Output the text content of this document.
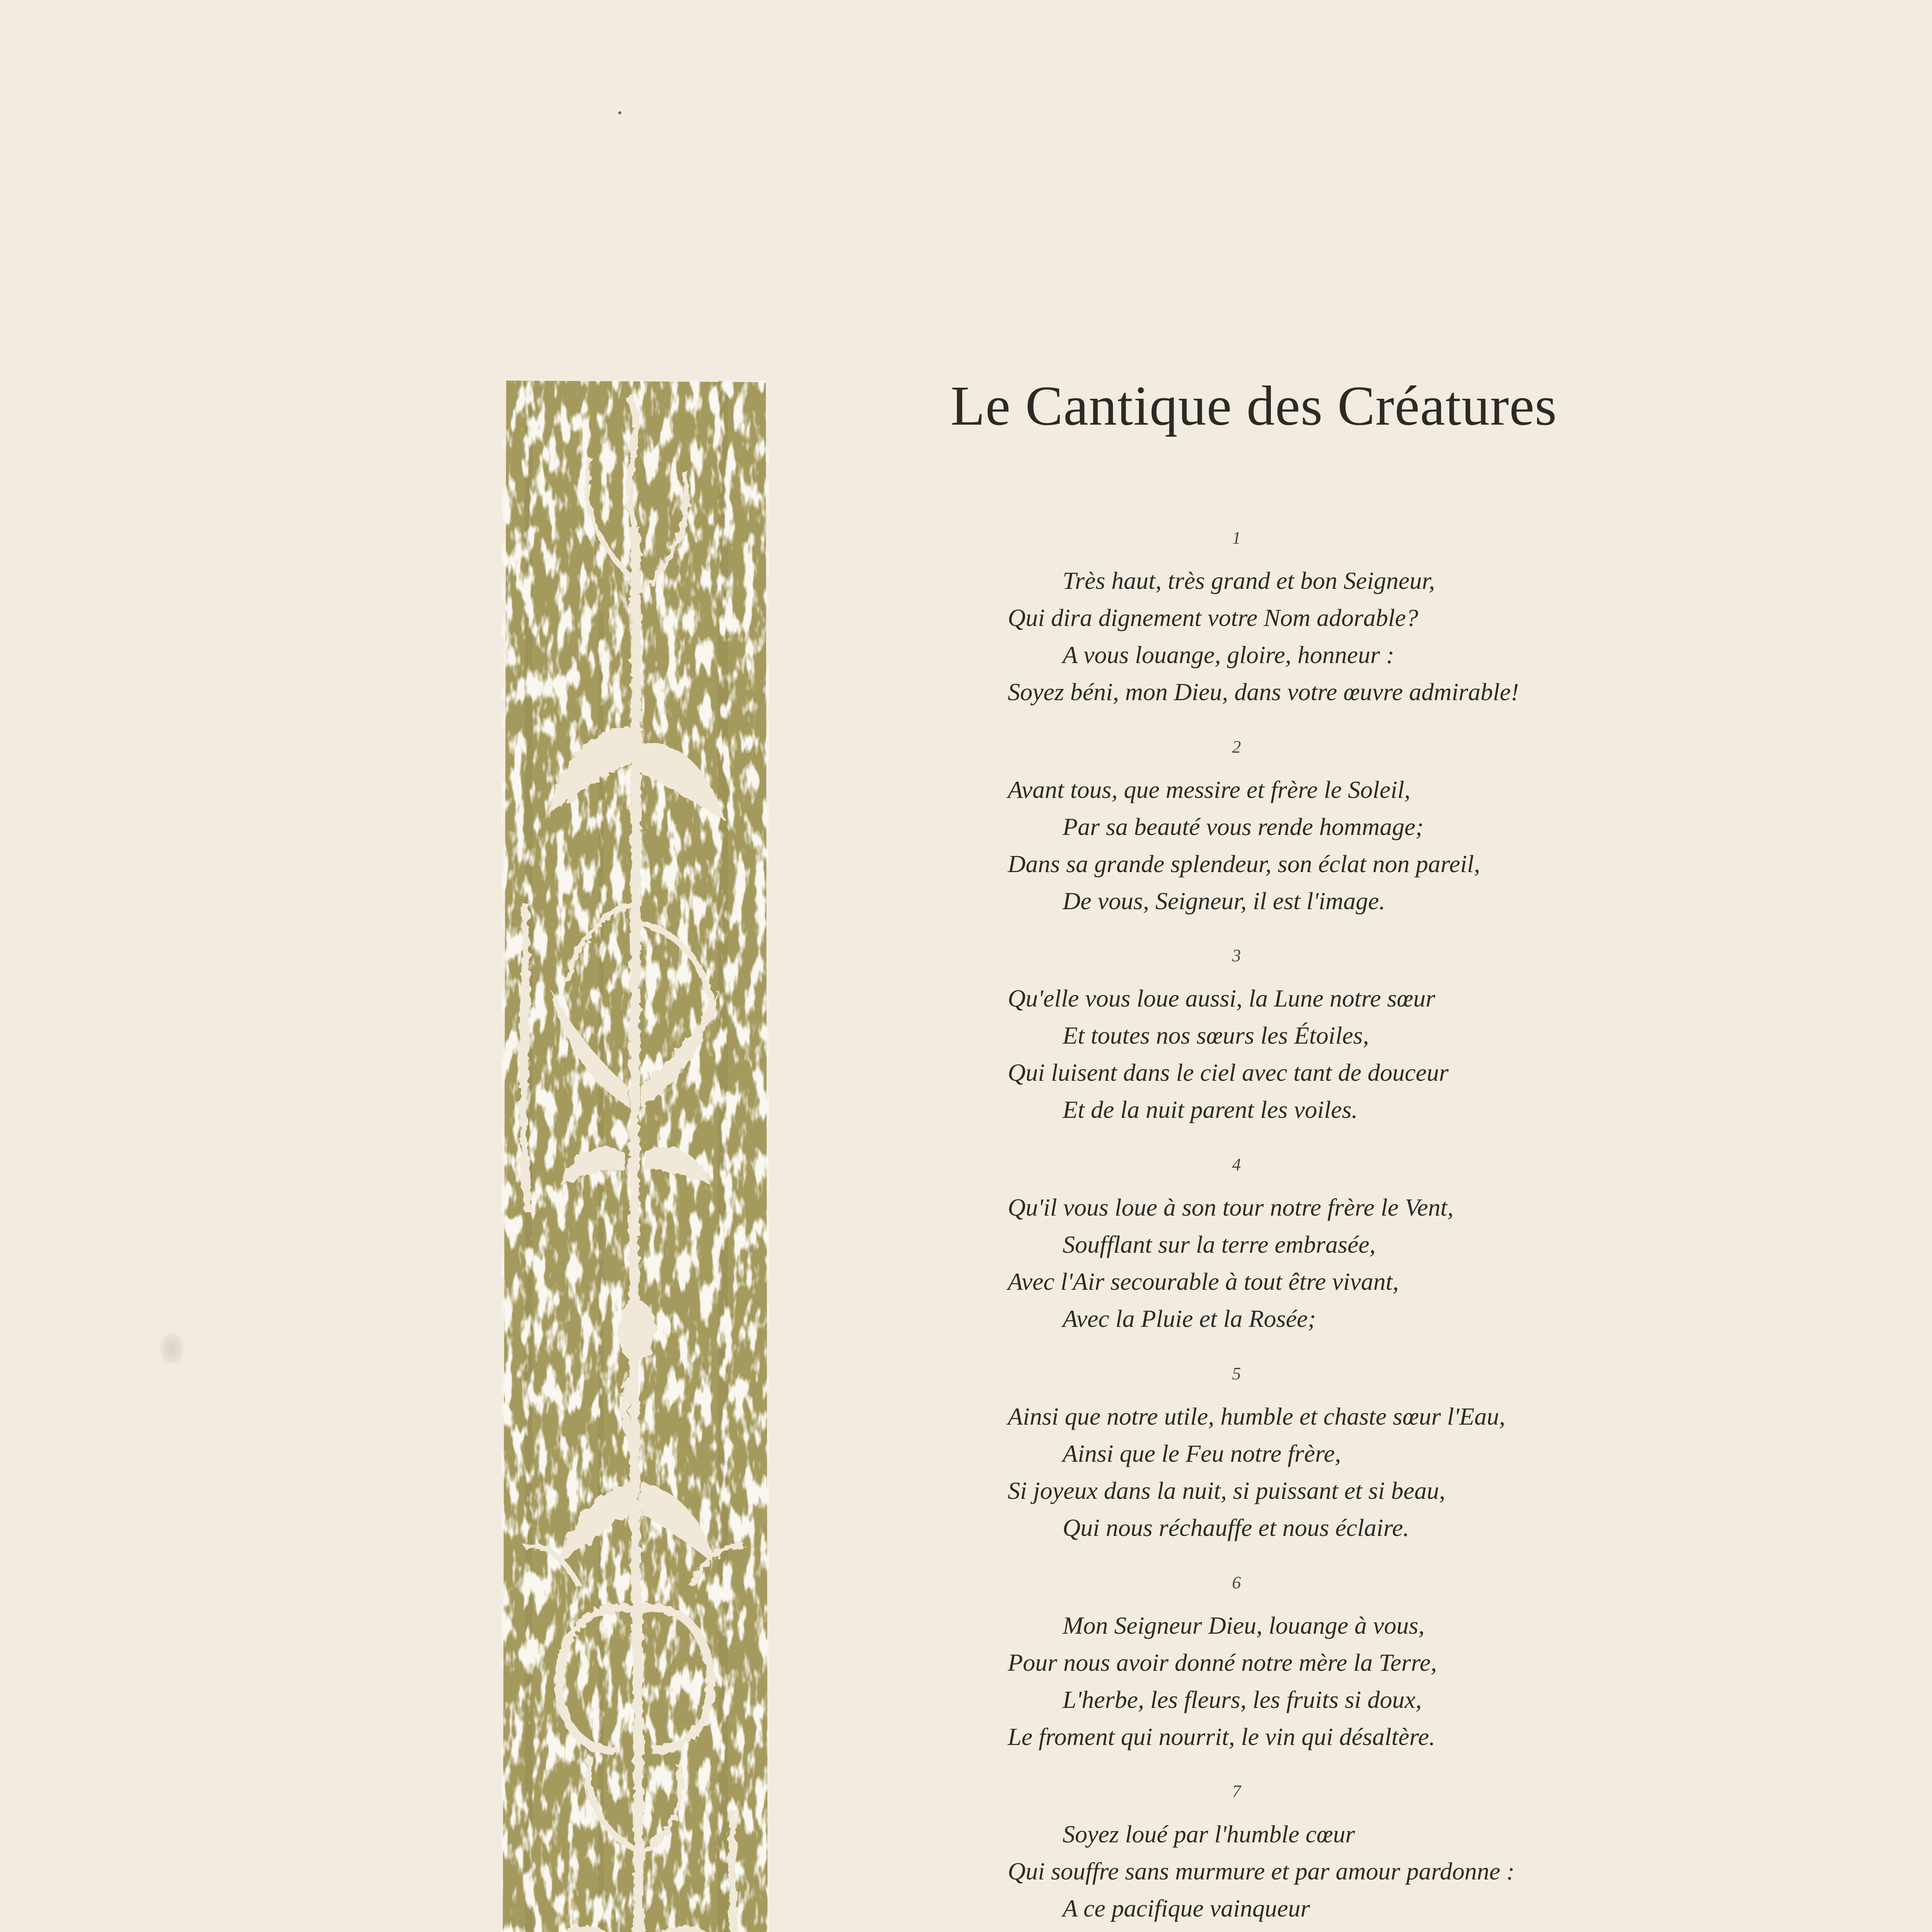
Le Cantique des Créatures
1
Très haut, très grand et bon Seigneur,
Qui dira dignement votre Nom adorable?
A vous louange, gloire, honneur :
Soyez béni, mon Dieu, dans votre œuvre admirable!
2
Avant tous, que messire et frère le Soleil,
Par sa beauté vous rende hommage;
Dans sa grande splendeur, son éclat non pareil,
De vous, Seigneur, il est l'image.
3
Qu'elle vous loue aussi, la Lune notre sœur
Et toutes nos sœurs les Étoiles,
Qui luisent dans le ciel avec tant de douceur
Et de la nuit parent les voiles.
4
Qu'il vous loue à son tour notre frère le Vent,
Soufflant sur la terre embrasée,
Avec l'Air secourable à tout être vivant,
Avec la Pluie et la Rosée;
5
Ainsi que notre utile, humble et chaste sœur l'Eau,
Ainsi que le Feu notre frère,
Si joyeux dans la nuit, si puissant et si beau,
Qui nous réchauffe et nous éclaire.
6
Mon Seigneur Dieu, louange à vous,
Pour nous avoir donné notre mère la Terre,
L'herbe, les fleurs, les fruits si doux,
Le froment qui nourrit, le vin qui désaltère.
7
Soyez loué par l'humble cœur
Qui souffre sans murmure et par amour pardonne :
A ce pacifique vainqueur
